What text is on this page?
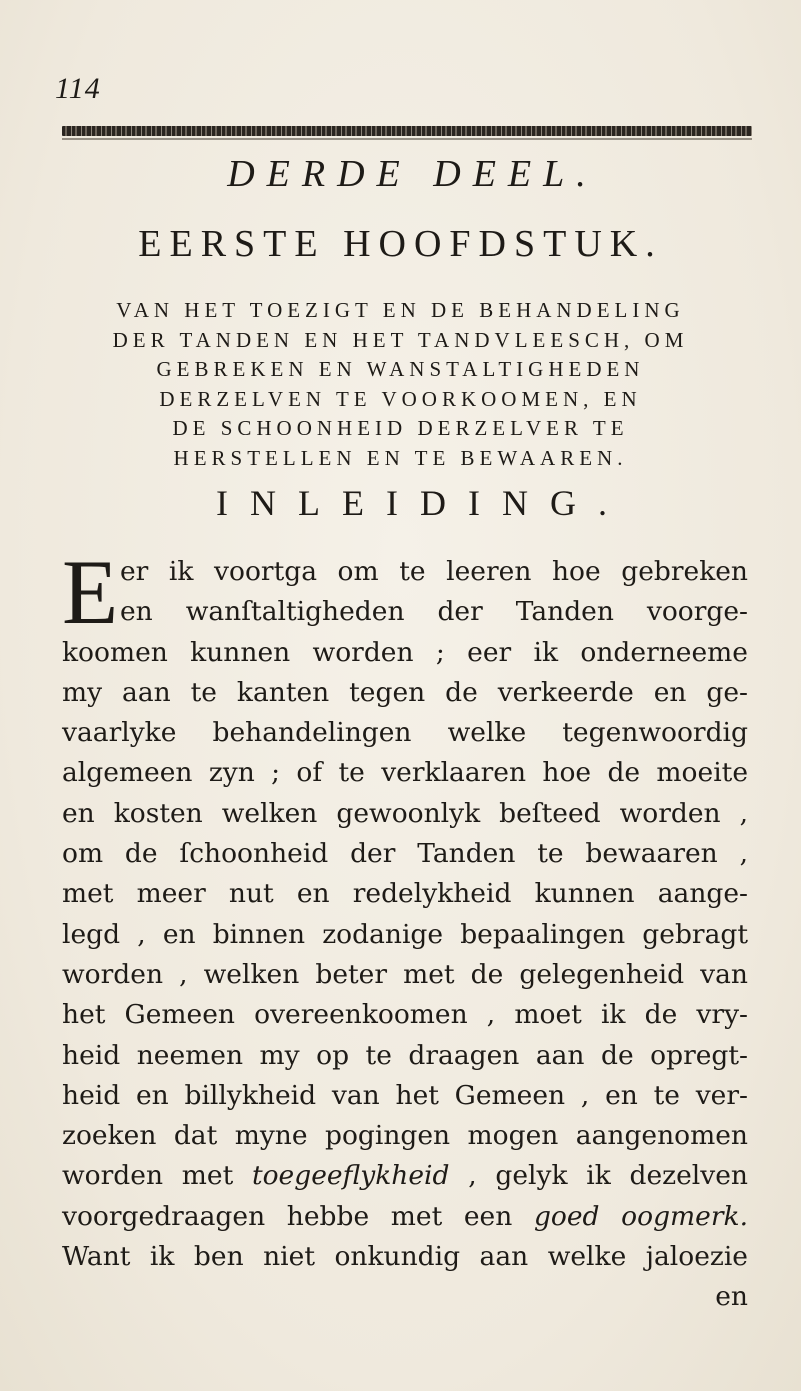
114
DERDE DEEL.
EERSTE HOOFDSTUK.
VAN HET TOEZIGT EN DE BEHANDELING
DER TANDEN EN HET TANDVLEESCH, OM
GEBREKEN EN WANSTALTIGHEDEN
DERZELVEN TE VOORKOOMEN, EN
DE SCHOONHEID DERZELVER TE
HERSTELLEN EN TE BEWAAREN.
INLEIDING.
E er ik voortga om te leeren hoe gebreken
en wanſtaltigheden der Tanden voorge-
koomen kunnen worden ; eer ik onderneeme
my aan te kanten tegen de verkeerde en ge-
vaarlyke behandelingen welke tegenwoordig
algemeen zyn ; of te verklaaren hoe de moeite
en kosten welken gewoonlyk beſteed worden ,
om de ſchoonheid der Tanden te bewaaren ,
met meer nut en redelykheid kunnen aange-
legd , en binnen zodanige bepaalingen gebragt
worden , welken beter met de gelegenheid van
het Gemeen overeenkoomen , moet ik de vry-
heid neemen my op te draagen aan de opregt-
heid en billykheid van het Gemeen , en te ver-
zoeken dat myne pogingen mogen aangenomen
worden met toegeeflykheid , gelyk ik dezelven
voorgedraagen hebbe met een goed oogmerk.
Want ik ben niet onkundig aan welke jaloezie
en
